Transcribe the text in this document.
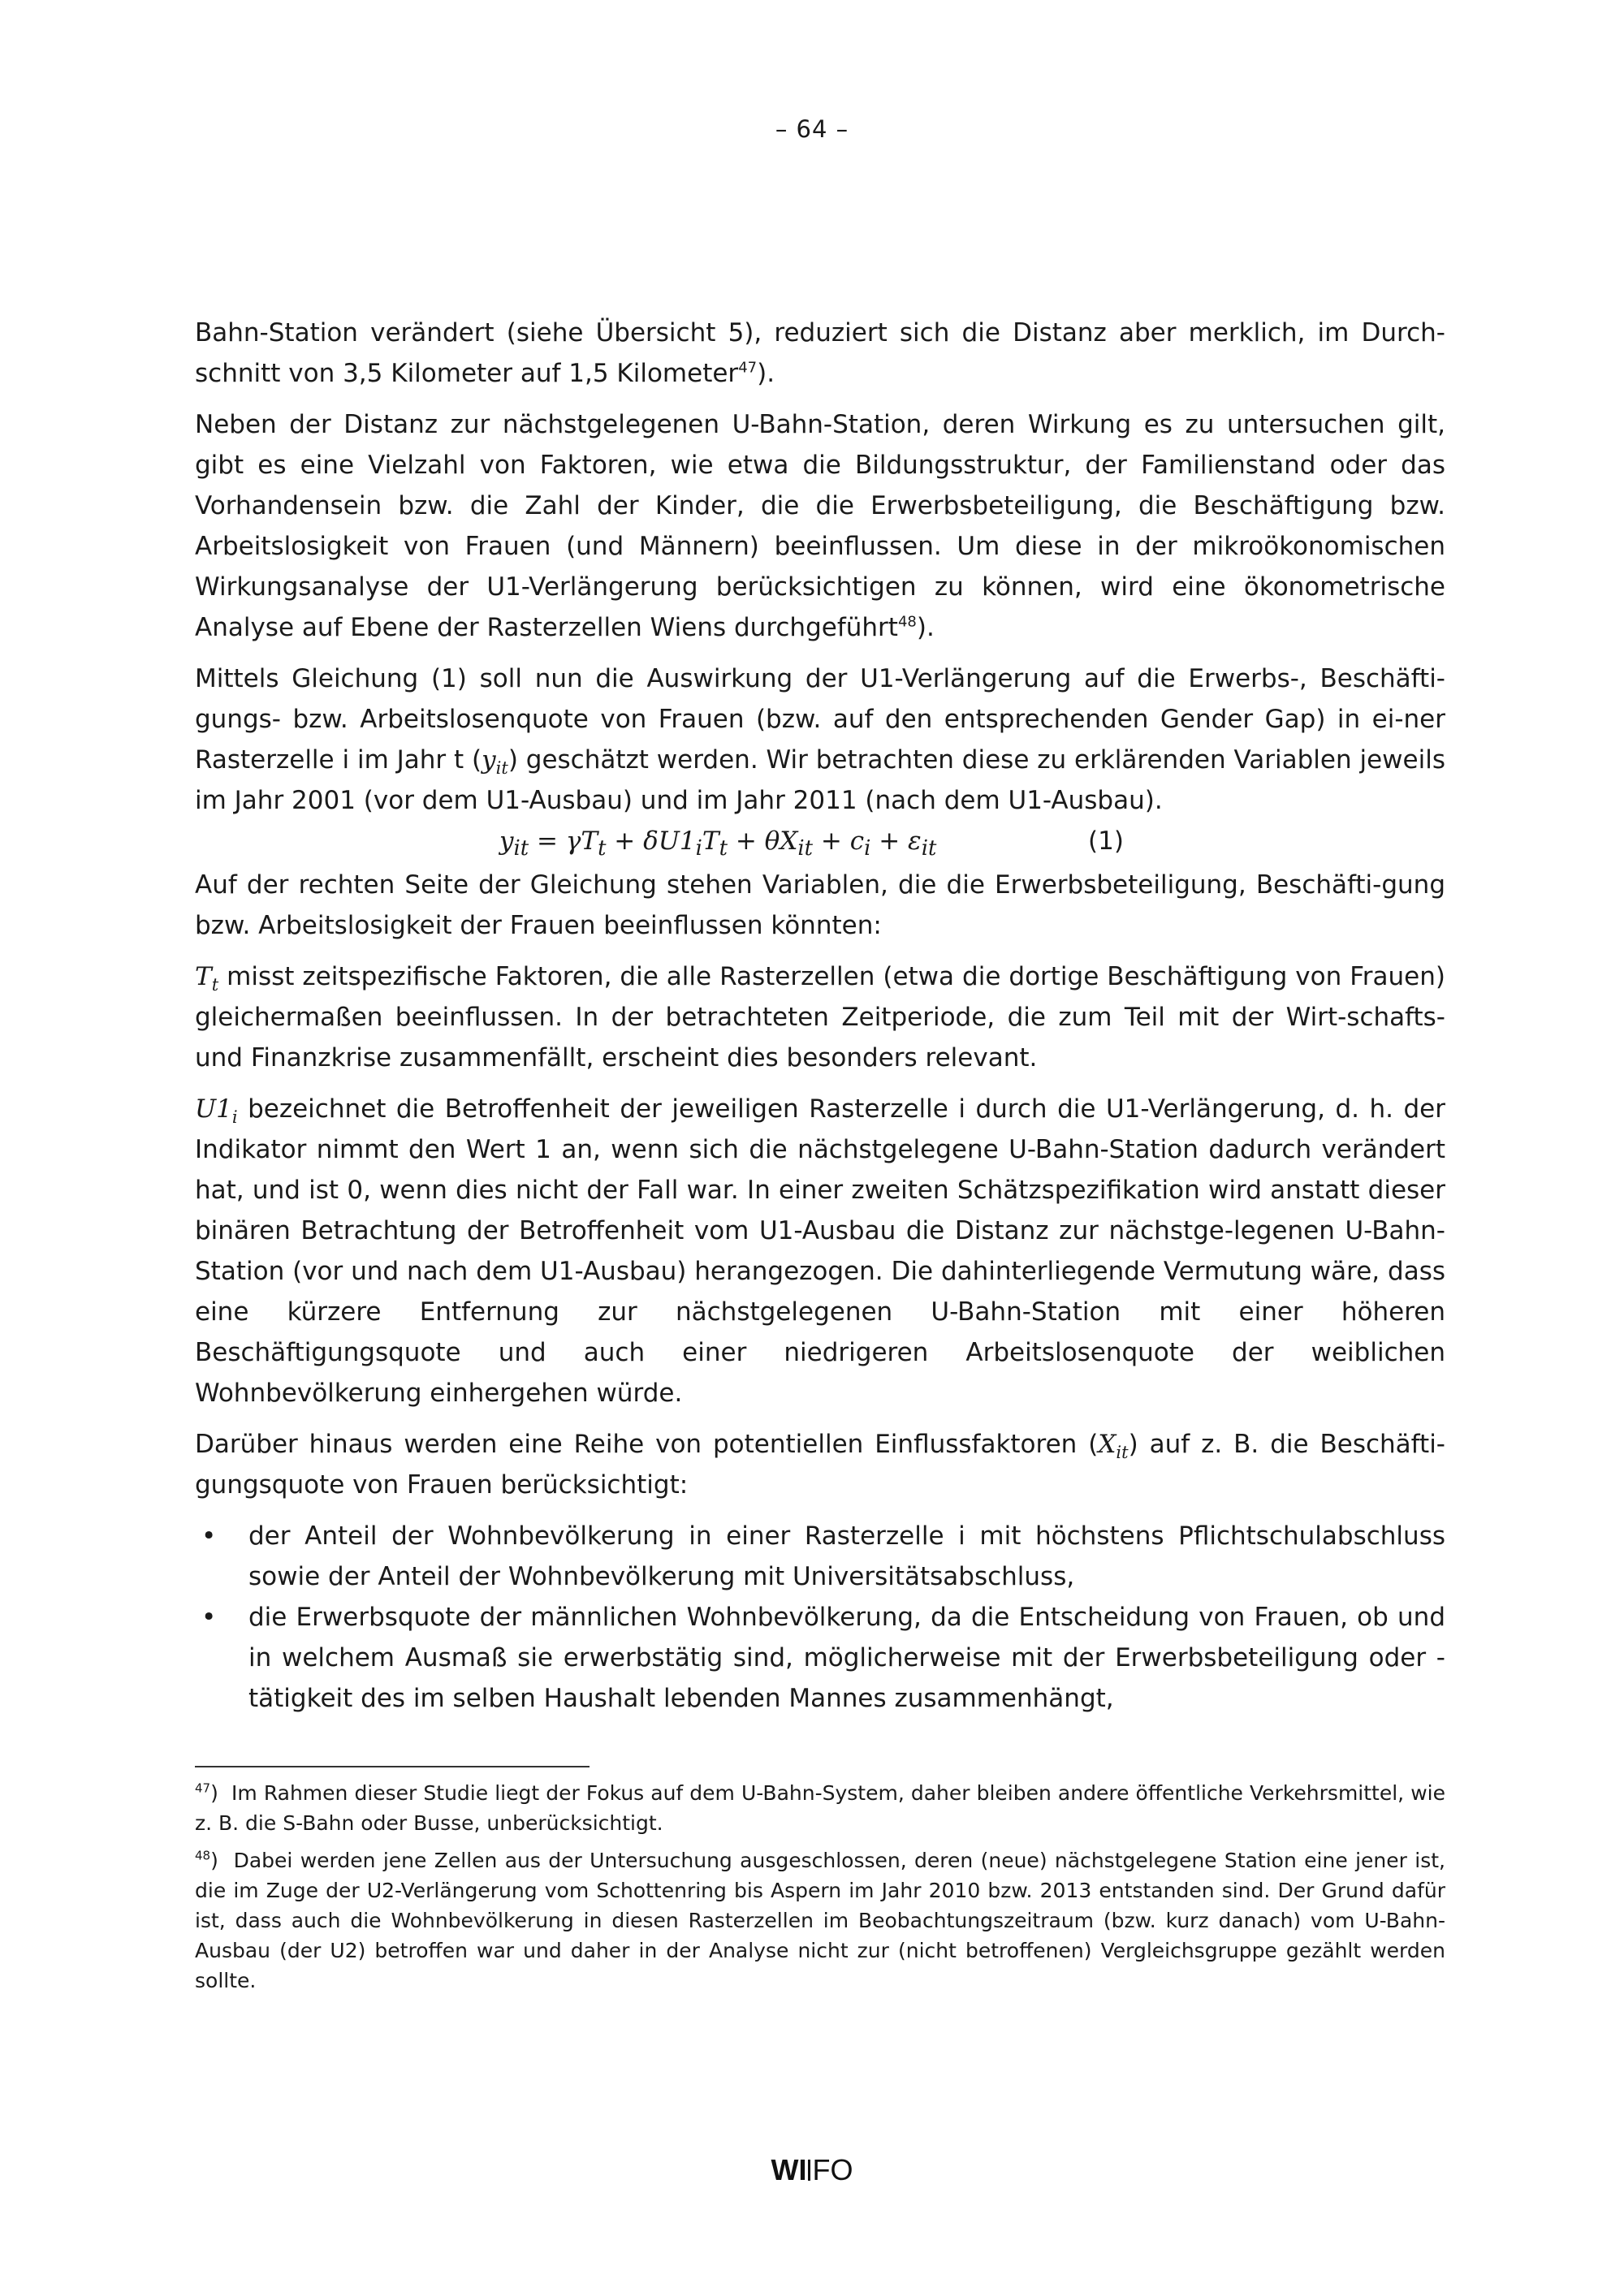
– 64 –

Bahn-Station verändert (siehe Übersicht 5), reduziert sich die Distanz aber merklich, im Durch-schnitt von 3,5 Kilometer auf 1,5 Kilometer$^{47}$).

Neben der Distanz zur nächstgelegenen U-Bahn-Station, deren Wirkung es zu untersuchen gilt, gibt es eine Vielzahl von Faktoren, wie etwa die Bildungsstruktur, der Familienstand oder das Vorhandensein bzw. die Zahl der Kinder, die die Erwerbsbeteiligung, die Beschäftigung bzw. Arbeitslosigkeit von Frauen (und Männern) beeinflussen. Um diese in der mikroökonomischen Wirkungsanalyse der U1-Verlängerung berücksichtigen zu können, wird eine ökonometrische Analyse auf Ebene der Rasterzellen Wiens durchgeführt$^{48}$).

Mittels Gleichung (1) soll nun die Auswirkung der U1-Verlängerung auf die Erwerbs-, Beschäfti-gungs- bzw. Arbeitslosenquote von Frauen (bzw. auf den entsprechenden Gender Gap) in ei-ner Rasterzelle i im Jahr t $(y_{it})$ geschätzt werden. Wir betrachten diese zu erklärenden Variablen jeweils im Jahr 2001 (vor dem U1-Ausbau) und im Jahr 2011 (nach dem U1-Ausbau).

$y_{it} = \gamma T_t + \delta U1_iT_t + \theta X_{it} + c_i + \varepsilon_{it}$	(1)

Auf der rechten Seite der Gleichung stehen Variablen, die die Erwerbsbeteiligung, Beschäfti-gung bzw. Arbeitslosigkeit der Frauen beeinflussen könnten:

$T_t$ misst zeitspezifische Faktoren, die alle Rasterzellen (etwa die dortige Beschäftigung von Frauen) gleichermaßen beeinflussen. In der betrachteten Zeitperiode, die zum Teil mit der Wirt-schafts- und Finanzkrise zusammenfällt, erscheint dies besonders relevant.

$U1_i$ bezeichnet die Betroffenheit der jeweiligen Rasterzelle i durch die U1-Verlängerung, d. h. der Indikator nimmt den Wert 1 an, wenn sich die nächstgelegene U-Bahn-Station dadurch verändert hat, und ist 0, wenn dies nicht der Fall war. In einer zweiten Schätzspezifikation wird anstatt dieser binären Betrachtung der Betroffenheit vom U1-Ausbau die Distanz zur nächstge-legenen U-Bahn-Station (vor und nach dem U1-Ausbau) herangezogen. Die dahinterliegende Vermutung wäre, dass eine kürzere Entfernung zur nächstgelegenen U-Bahn-Station mit einer höheren Beschäftigungsquote und auch einer niedrigeren Arbeitslosenquote der weiblichen Wohnbevölkerung einhergehen würde.

Darüber hinaus werden eine Reihe von potentiellen Einflussfaktoren $(X_{it})$ auf z. B. die Beschäfti-gungsquote von Frauen berücksichtigt:

• der Anteil der Wohnbevölkerung in einer Rasterzelle i mit höchstens Pflichtschulabschluss sowie der Anteil der Wohnbevölkerung mit Universitätsabschluss,
• die Erwerbsquote der männlichen Wohnbevölkerung, da die Entscheidung von Frauen, ob und in welchem Ausmaß sie erwerbstätig sind, möglicherweise mit der Erwerbsbeteiligung oder -tätigkeit des im selben Haushalt lebenden Mannes zusammenhängt,

$^{47}$) Im Rahmen dieser Studie liegt der Fokus auf dem U-Bahn-System, daher bleiben andere öffentliche Verkehrsmittel, wie z. B. die S-Bahn oder Busse, unberücksichtigt.

$^{48}$) Dabei werden jene Zellen aus der Untersuchung ausgeschlossen, deren (neue) nächstgelegene Station eine jener ist, die im Zuge der U2-Verlängerung vom Schottenring bis Aspern im Jahr 2010 bzw. 2013 entstanden sind. Der Grund dafür ist, dass auch die Wohnbevölkerung in diesen Rasterzellen im Beobachtungszeitraum (bzw. kurz danach) vom U-Bahn-Ausbau (der U2) betroffen war und daher in der Analyse nicht zur (nicht betroffenen) Vergleichsgruppe gezählt werden sollte.

WI FO
